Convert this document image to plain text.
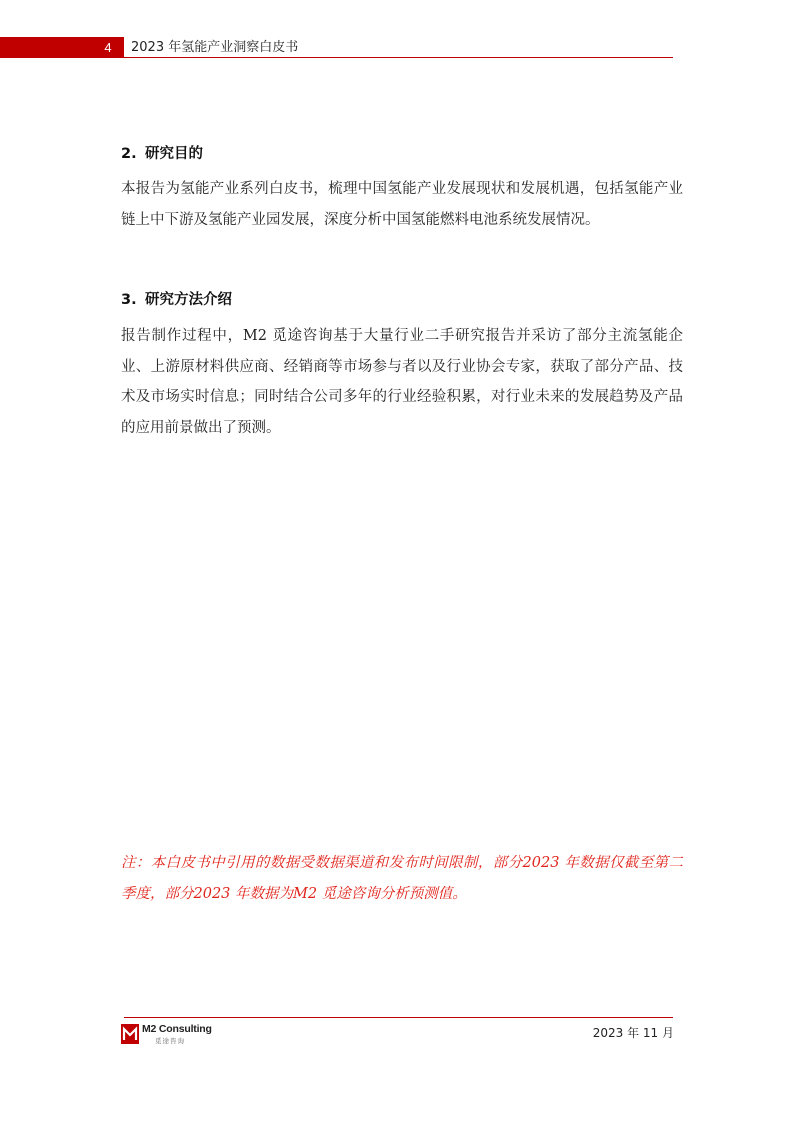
4	2023 年氢能产业洞察白皮书
2. 研究目的

本报告为氢能产业系列白皮书，梳理中国氢能产业发展现状和发展机遇，包括氢能产业链上中下游及氢能产业园发展，深度分析中国氢能燃料电池系统发展情况。

3. 研究方法介绍

报告制作过程中，M2 觅途咨询基于大量行业二手研究报告并采访了部分主流氢能企业、上游原材料供应商、经销商等市场参与者以及行业协会专家，获取了部分产品、技术及市场实时信息；同时结合公司多年的行业经验积累，对行业未来的发展趋势及产品的应用前景做出了预测。

注：本白皮书中引用的数据受数据渠道和发布时间限制，部分2023 年数据仅截至第二季度，部分2023 年数据为M2 觅途咨询分析预测值。

M2 Consulting
觅途咨询
2023 年 11 月
